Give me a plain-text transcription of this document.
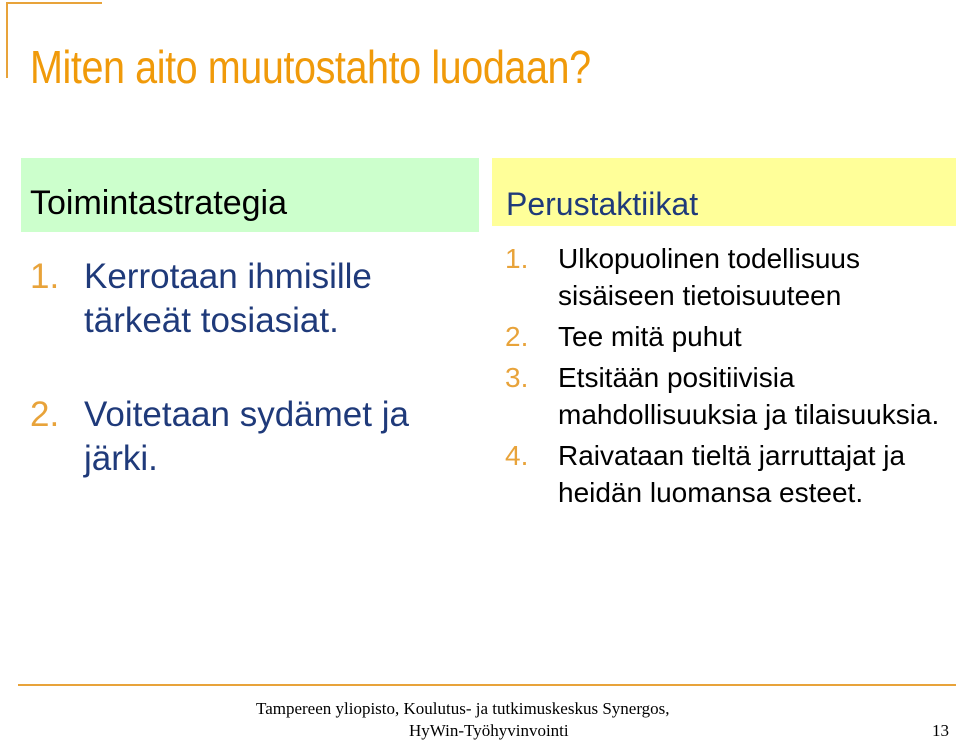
Miten aito muutostahto luodaan?
Toimintastrategia	Perustaktiikat
1. Kerrotaan ihmisille tärkeät tosiasiat.
2. Voitetaan sydämet ja järki.
1. Ulkopuolinen todellisuus sisäiseen tietoisuuteen
2. Tee mitä puhut
3. Etsitään positiivisia mahdollisuuksia ja tilaisuuksia.
4. Raivataan tieltä jarruttajat ja heidän luomansa esteet.
Tampereen yliopisto, Koulutus- ja tutkimuskeskus Synergos,
HyWin-Työhyvinvointi	13
